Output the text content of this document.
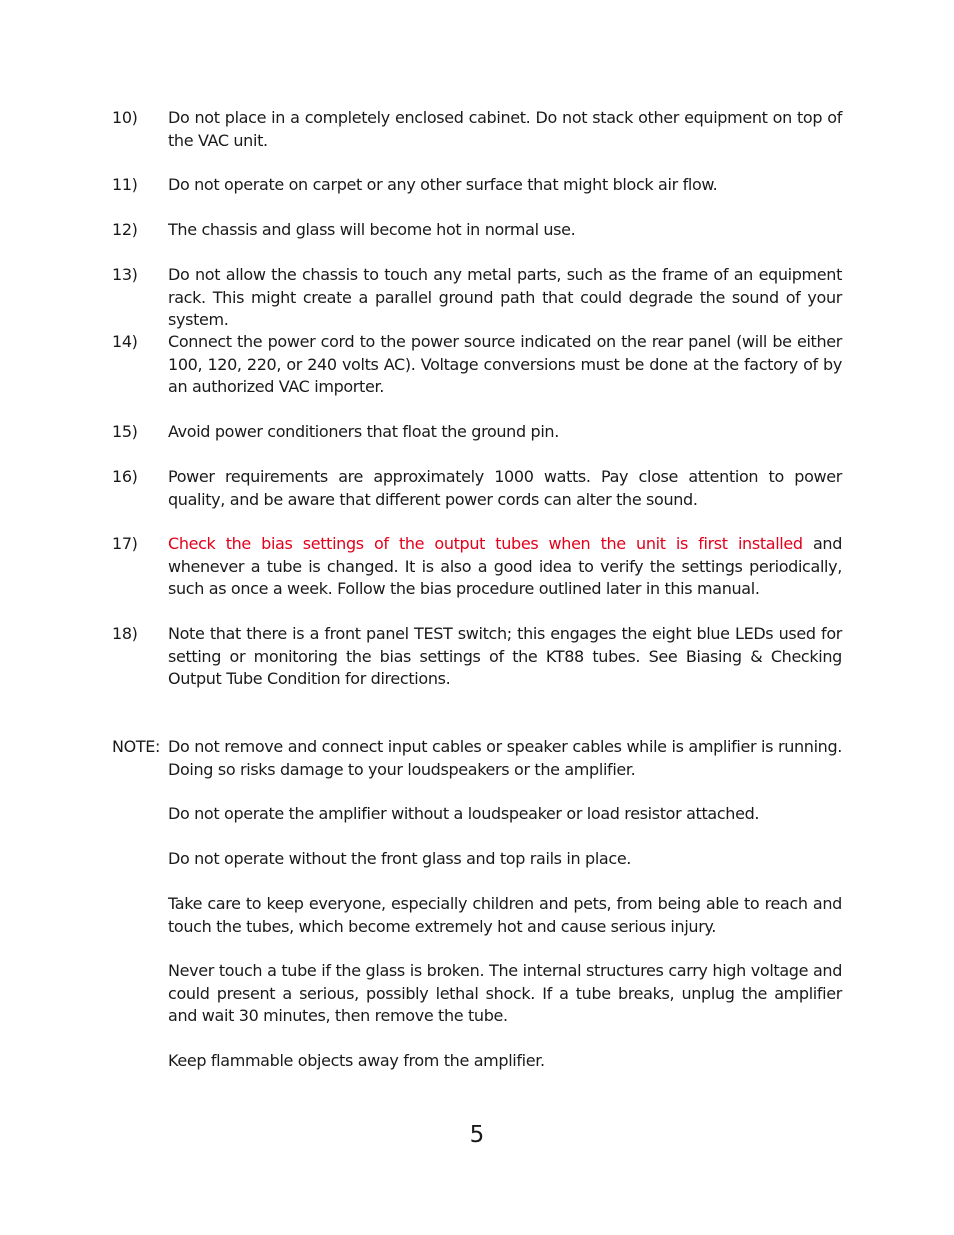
10)	Do not place in a completely enclosed cabinet. Do not stack other equipment on top of the VAC unit.
11)	Do not operate on carpet or any other surface that might block air flow.
12)	The chassis and glass will become hot in normal use.
13)	Do not allow the chassis to touch any metal parts, such as the frame of an equipment rack. This might create a parallel ground path that could degrade the sound of your system.
14)	Connect the power cord to the power source indicated on the rear panel (will be either 100, 120, 220, or 240 volts AC). Voltage conversions must be done at the factory of by an authorized VAC importer.
15)	Avoid power conditioners that float the ground pin.
16)	Power requirements are approximately 1000 watts. Pay close attention to power quality, and be aware that different power cords can alter the sound.
17)	Check the bias settings of the output tubes when the unit is first installed and whenever a tube is changed. It is also a good idea to verify the settings periodically, such as once a week. Follow the bias procedure outlined later in this manual.
18)	Note that there is a front panel TEST switch; this engages the eight blue LEDs used for setting or monitoring the bias settings of the KT88 tubes. See Biasing & Checking Output Tube Condition for directions.
NOTE: Do not remove and connect input cables or speaker cables while is amplifier is running. Doing so risks damage to your loudspeakers or the amplifier.
Do not operate the amplifier without a loudspeaker or load resistor attached.
Do not operate without the front glass and top rails in place.
Take care to keep everyone, especially children and pets, from being able to reach and touch the tubes, which become extremely hot and cause serious injury.
Never touch a tube if the glass is broken. The internal structures carry high voltage and could present a serious, possibly lethal shock. If a tube breaks, unplug the amplifier and wait 30 minutes, then remove the tube.
Keep flammable objects away from the amplifier.
5
